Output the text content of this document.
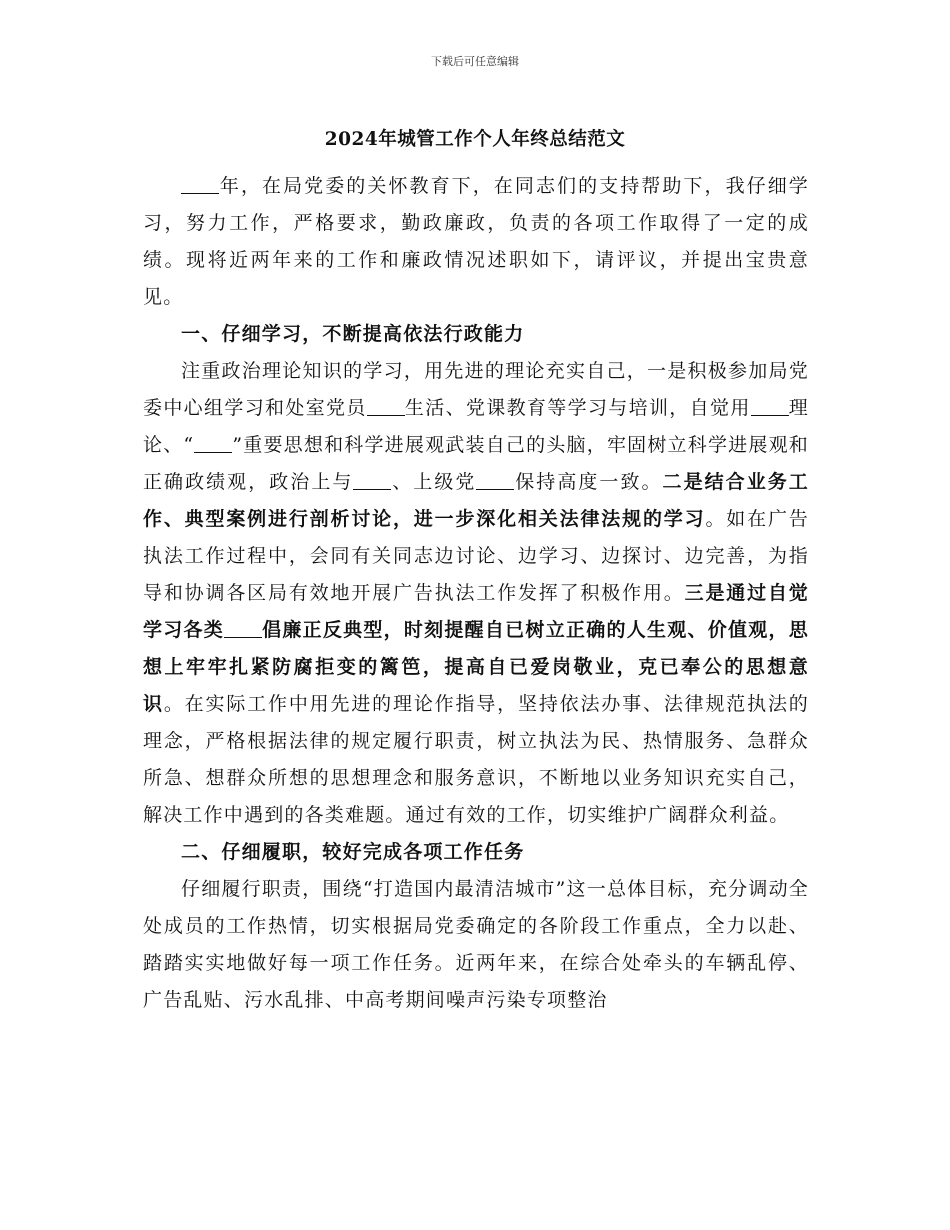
下载后可任意编辑
2024年城管工作个人年终总结范文

年，在局党委的关怀教育下，在同志们的支持帮助下，我仔细学习，努力工作，严格要求，勤政廉政，负责的各项工作取得了一定的成绩。现将近两年来的工作和廉政情况述职如下，请评议，并提出宝贵意见。

一、仔细学习，不断提高依法行政能力

注重政治理论知识的学习，用先进的理论充实自己，一是积极参加局党委中心组学习和处室党员 生活、党课教育等学习与培训，自觉用 理论、“ ”重要思想和科学进展观武装自己的头脑，牢固树立科学进展观和正确政绩观，政治上与 、上级党 保持高度一致。二是结合业务工作、典型案例进行剖析讨论，进一步深化相关法律法规的学习。如在广告执法工作过程中，会同有关同志边讨论、边学习、边探讨、边完善，为指导和协调各区局有效地开展广告执法工作发挥了积极作用。三是通过自觉学习各类 倡廉正反典型，时刻提醒自已树立正确的人生观、价值观，思想上牢牢扎紧防腐拒变的篱笆，提高自已爱岗敬业，克已奉公的思想意识。在实际工作中用先进的理论作指导，坚持依法办事、法律规范执法的理念，严格根据法律的规定履行职责，树立执法为民、热情服务、急群众所急、想群众所想的思想理念和服务意识，不断地以业务知识充实自己，解决工作中遇到的各类难题。通过有效的工作，切实维护广阔群众利益。

二、仔细履职，较好完成各项工作任务

仔细履行职责，围绕“打造国内最清洁城市”这一总体目标，充分调动全处成员的工作热情，切实根据局党委确定的各阶段工作重点，全力以赴、踏踏实实地做好每一项工作任务。近两年来，在综合处牵头的车辆乱停、广告乱贴、污水乱排、中高考期间噪声污染专项整治
